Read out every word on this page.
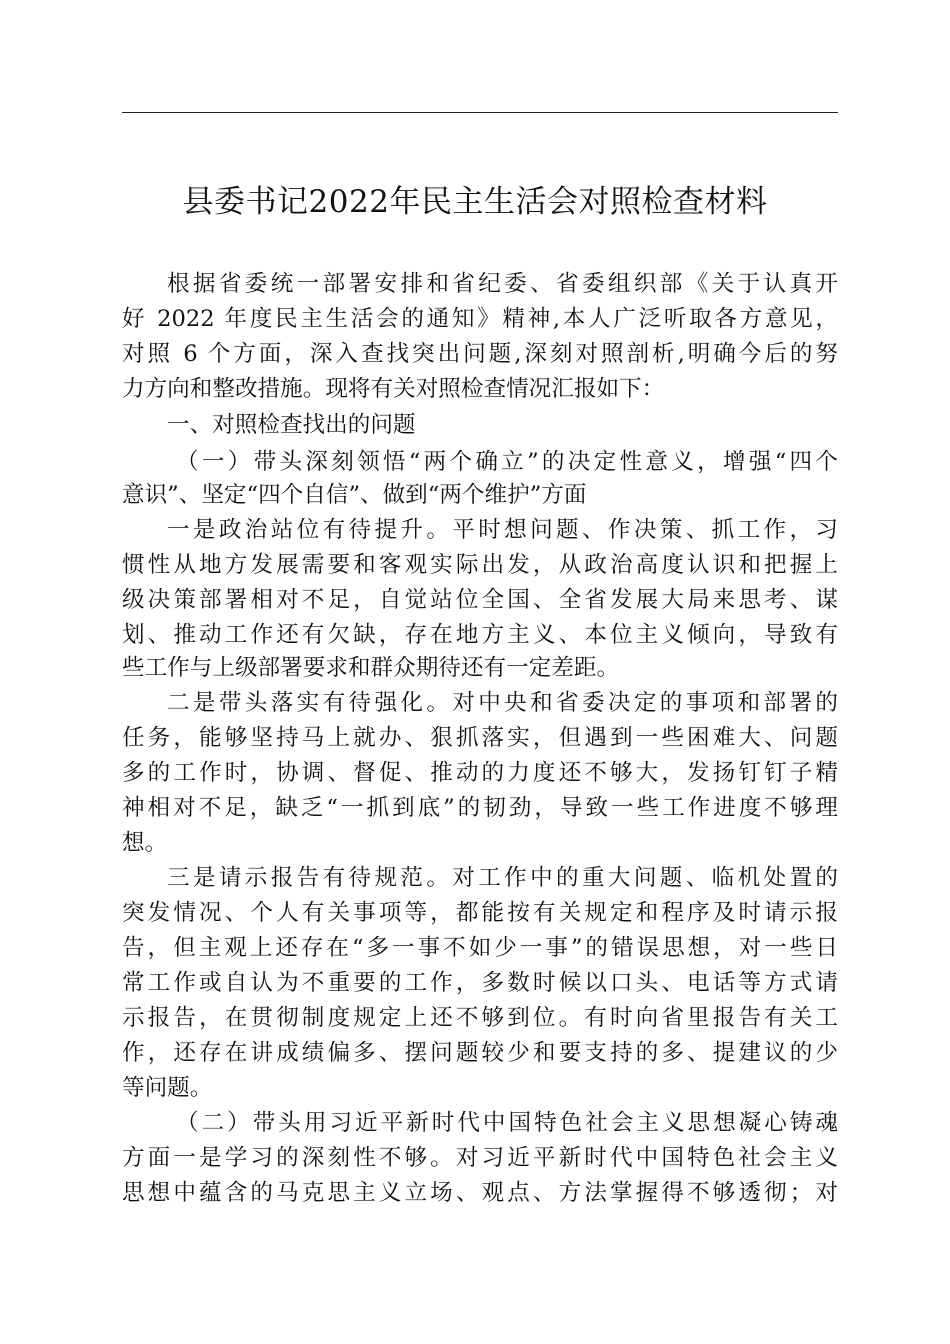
县委书记2022年民主生活会对照检查材料
根据省委统一部署安排和省纪委、省委组织部《关于认真开
好 2022 年度民主生活会的通知》精神,本人广泛听取各方意见，
对照 6 个方面，深入查找突出问题,深刻对照剖析,明确今后的努
力方向和整改措施。现将有关对照检查情况汇报如下：
一、对照检查找出的问题
（一）带头深刻领悟“两个确立”的决定性意义，增强“四个
意识”、坚定“四个自信”、做到“两个维护”方面
一是政治站位有待提升。平时想问题、作决策、抓工作，习
惯性从地方发展需要和客观实际出发，从政治高度认识和把握上
级决策部署相对不足，自觉站位全国、全省发展大局来思考、谋
划、推动工作还有欠缺，存在地方主义、本位主义倾向，导致有
些工作与上级部署要求和群众期待还有一定差距。
二是带头落实有待强化。对中央和省委决定的事项和部署的
任务，能够坚持马上就办、狠抓落实，但遇到一些困难大、问题
多的工作时，协调、督促、推动的力度还不够大，发扬钉钉子精
神相对不足，缺乏“一抓到底”的韧劲，导致一些工作进度不够理
想。
三是请示报告有待规范。对工作中的重大问题、临机处置的
突发情况、个人有关事项等，都能按有关规定和程序及时请示报
告，但主观上还存在“多一事不如少一事”的错误思想，对一些日
常工作或自认为不重要的工作，多数时候以口头、电话等方式请
示报告，在贯彻制度规定上还不够到位。有时向省里报告有关工
作，还存在讲成绩偏多、摆问题较少和要支持的多、提建议的少
等问题。
（二）带头用习近平新时代中国特色社会主义思想凝心铸魂
方面一是学习的深刻性不够。对习近平新时代中国特色社会主义
思想中蕴含的马克思主义立场、观点、方法掌握得不够透彻；对
